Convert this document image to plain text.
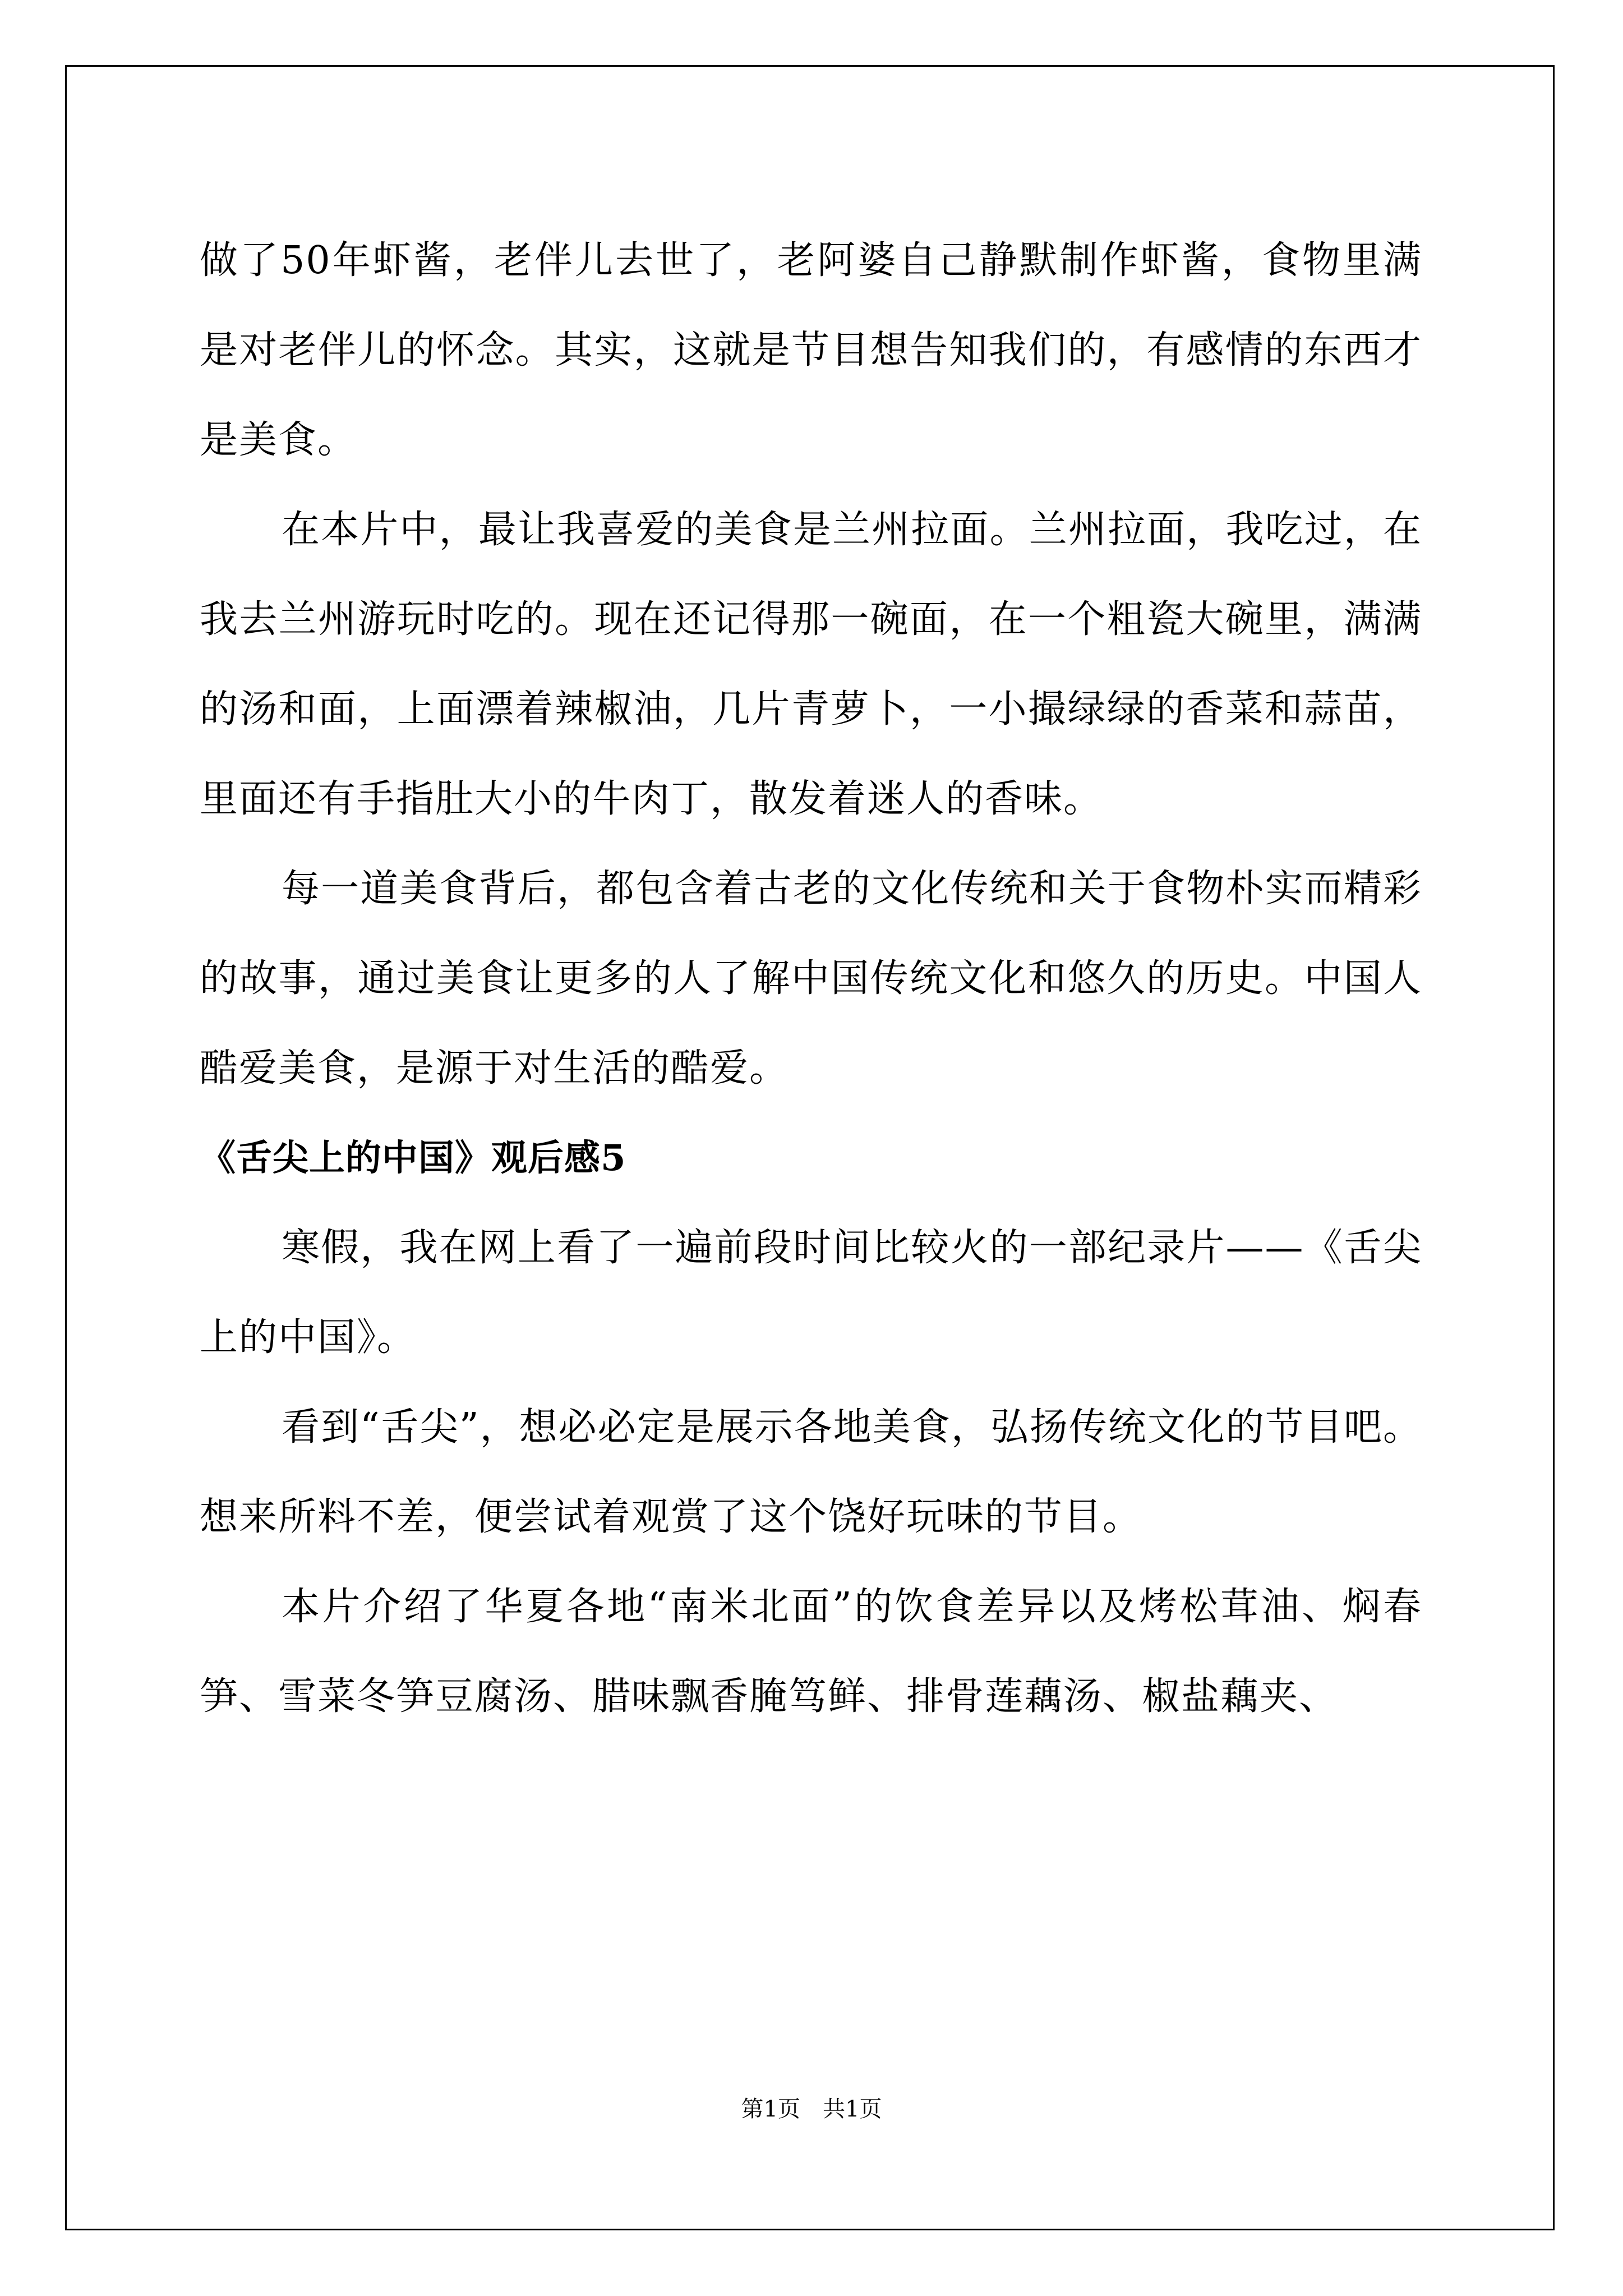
做了50年虾酱，老伴儿去世了，老阿婆自己静默制作虾酱，食物里满是对老伴儿的怀念。其实，这就是节目想告知我们的，有感情的东西才是美食。

在本片中，最让我喜爱的美食是兰州拉面。兰州拉面，我吃过，在我去兰州游玩时吃的。现在还记得那一碗面，在一个粗瓷大碗里，满满的汤和面，上面漂着辣椒油，几片青萝卜，一小撮绿绿的香菜和蒜苗，里面还有手指肚大小的牛肉丁，散发着迷人的香味。

每一道美食背后，都包含着古老的文化传统和关于食物朴实而精彩的故事，通过美食让更多的人了解中国传统文化和悠久的历史。中国人酷爱美食，是源于对生活的酷爱。

《舌尖上的中国》观后感5

寒假，我在网上看了一遍前段时间比较火的一部纪录片——《舌尖上的中国》。

看到“舌尖”，想必必定是展示各地美食，弘扬传统文化的节目吧。想来所料不差，便尝试着观赏了这个饶好玩味的节目。

本片介绍了华夏各地“南米北面”的饮食差异以及烤松茸油、焖春笋、雪菜冬笋豆腐汤、腊味飘香腌笃鲜、排骨莲藕汤、椒盐藕夹、

第1页　共1页
